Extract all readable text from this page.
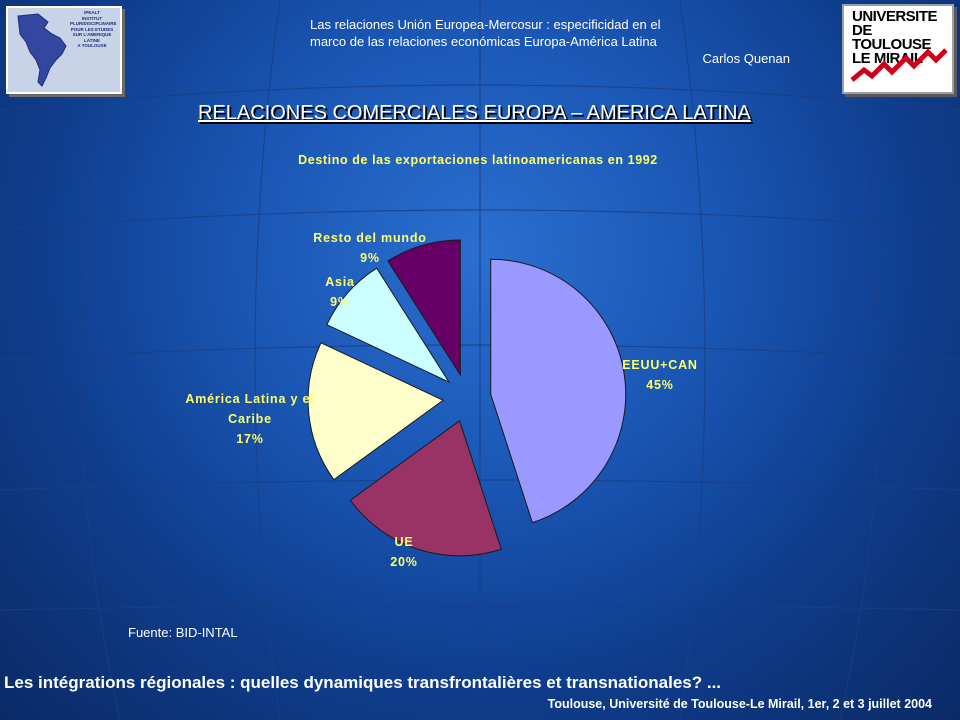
IPEALT
INSTITUT
PLURIDISCIPLINAIRE
POUR LES ETUDES
SUR L'AMERIQUE
LATINE
A TOULOUSE
UNIVERSITE
DE TOULOUSE
LE MIRAIL
Las relaciones Unión Europea-Mercosur : especificidad en el
marco de las relaciones económicas Europa-América Latina
Carlos Quenan
RELACIONES COMERCIALES EUROPA – AMERICA LATINA
Destino de las exportaciones latinoamericanas en 1992
EEUU+CAN
45%
UE
20%
América Latina y el
Caribe
17%
Asia
9%
Resto del mundo
9%
Fuente: BID-INTAL
Les intégrations régionales : quelles dynamiques transfrontalières et transnationales? ...
Toulouse, Université de Toulouse-Le Mirail, 1er, 2 et 3 juillet 2004
